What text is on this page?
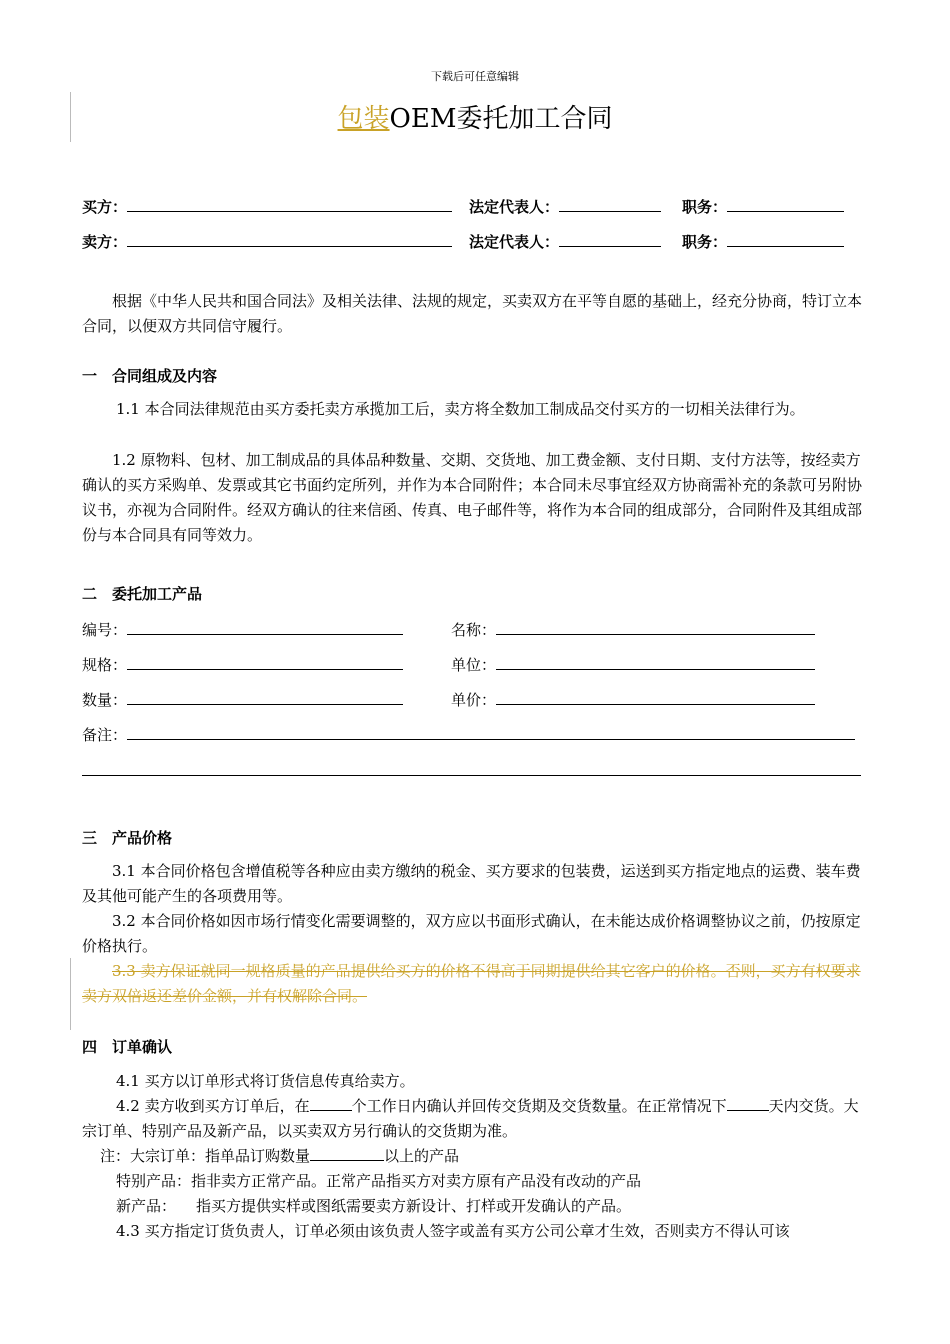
下载后可任意编辑
包装OEM委托加工合同
买方：	法定代表人：	职务：
卖方：	法定代表人：	职务：
根据《中华人民共和国合同法》及相关法律、法规的规定，买卖双方在平等自愿的基础上，经充分协商，特订立本合同，以便双方共同信守履行。
一　合同组成及内容
1.1 本合同法律规范由买方委托卖方承揽加工后，卖方将全数加工制成品交付买方的一切相关法律行为。
1.2 原物料、包材、加工制成品的具体品种数量、交期、交货地、加工费金额、支付日期、支付方法等，按经卖方确认的买方采购单、发票或其它书面约定所列，并作为本合同附件；本合同未尽事宜经双方协商需补充的条款可另附协议书，亦视为合同附件。经双方确认的往来信函、传真、电子邮件等，将作为本合同的组成部分，合同附件及其组成部份与本合同具有同等效力。
二　委托加工产品
编号：	名称：
规格：	单位：
数量：	单价：
备注：
三　产品价格
3.1 本合同价格包含增值税等各种应由卖方缴纳的税金、买方要求的包装费，运送到买方指定地点的运费、装车费及其他可能产生的各项费用等。
3.2 本合同价格如因市场行情变化需要调整的，双方应以书面形式确认，在未能达成价格调整协议之前，仍按原定价格执行。
3.3 卖方保证就同一规格质量的产品提供给买方的价格不得高于同期提供给其它客户的价格。否则，买方有权要求卖方双倍返还差价金额，并有权解除合同。
四　订单确认
4.1 买方以订单形式将订货信息传真给卖方。
4.2 卖方收到买方订单后，在	个工作日内确认并回传交货期及交货数量。在正常情况下	天内交货。大宗订单、特别产品及新产品，以买卖双方另行确认的交货期为准。
注：大宗订单：指单品订购数量	以上的产品
特别产品：指非卖方正常产品。正常产品指买方对卖方原有产品没有改动的产品
新产品： 指买方提供实样或图纸需要卖方新设计、打样或开发确认的产品。
4.3 买方指定订货负责人，订单必须由该负责人签字或盖有买方公司公章才生效，否则卖方不得认可该
